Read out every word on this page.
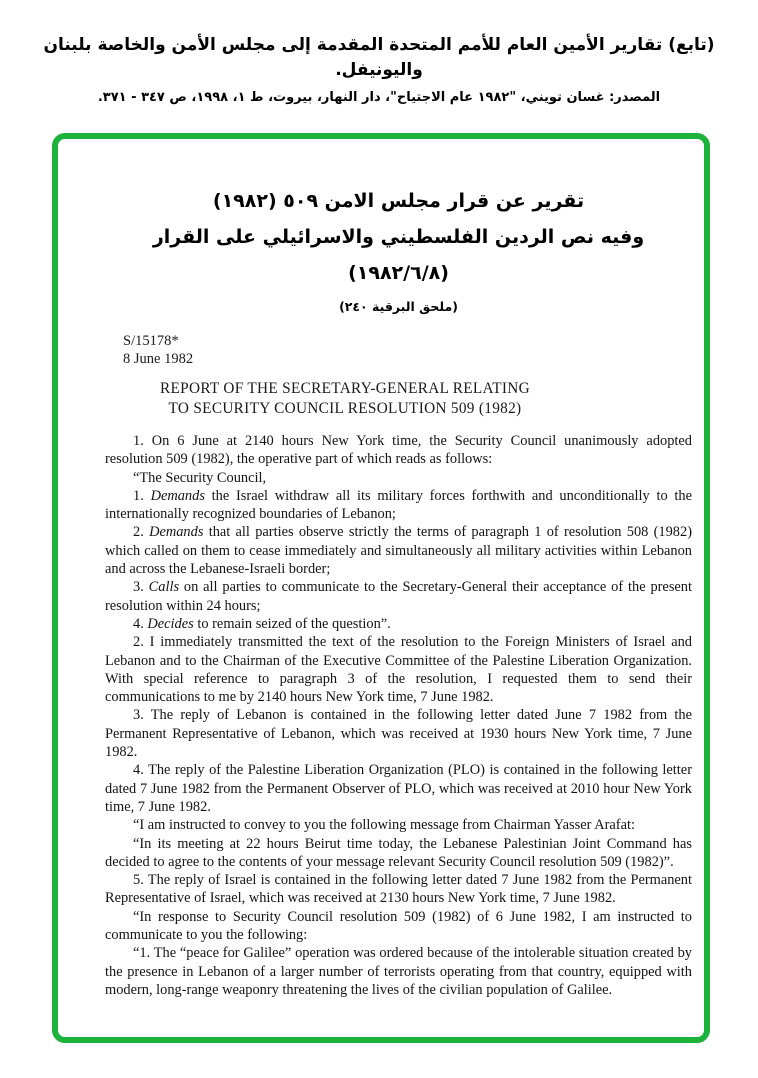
(تابع) تقارير الأمين العام للأمم المتحدة المقدمة إلى مجلس الأمن والخاصة بلبنان واليونيفل.
المصدر: غسان تويني، "١٩٨٢ عام الاجتياح"، دار النهار، بيروت، ط ١، ١٩٩٨، ص ٣٤٧ - ٣٧١.
تقرير عن قرار مجلس الامن ٥٠٩ (١٩٨٢)
وفيه نص الردين الفلسطيني والاسرائيلي على القرار
(١٩٨٢/٦/٨)
(ملحق البرقية ٢٤٠)
S/15178*
8 June 1982
REPORT OF THE SECRETARY-GENERAL RELATING
TO SECURITY COUNCIL RESOLUTION 509 (1982)

1. On 6 June at 2140 hours New York time, the Security Council unanimously adopted resolution 509 (1982), the operative part of which reads as follows:

“The Security Council,

1. Demands the Israel withdraw all its military forces forthwith and unconditionally to the internationally recognized boundaries of Lebanon;

2. Demands that all parties observe strictly the terms of paragraph 1 of resolution 508 (1982) which called on them to cease immediately and simultaneously all military activities within Lebanon and across the Lebanese-Israeli border;

3. Calls on all parties to communicate to the Secretary-General their acceptance of the present resolution within 24 hours;

4. Decides to remain seized of the question”.

2. I immediately transmitted the text of the resolution to the Foreign Ministers of Israel and Lebanon and to the Chairman of the Executive Committee of the Palestine Liberation Organization. With special reference to paragraph 3 of the resolution, I requested them to send their communications to me by 2140 hours New York time, 7 June 1982.

3. The reply of Lebanon is contained in the following letter dated June 7 1982 from the Permanent Representative of Lebanon, which was received at 1930 hours New York time, 7 June 1982.

4. The reply of the Palestine Liberation Organization (PLO) is contained in the following letter dated 7 June 1982 from the Permanent Observer of PLO, which was received at 2010 hour New York time, 7 June 1982.

“I am instructed to convey to you the following message from Chairman Yasser Arafat:

“In its meeting at 22 hours Beirut time today, the Lebanese Palestinian Joint Command has decided to agree to the contents of your message relevant Security Council resolution 509 (1982)”.

5. The reply of Israel is contained in the following letter dated 7 June 1982 from the Permanent Representative of Israel, which was received at 2130 hours New York time, 7 June 1982.

“In response to Security Council resolution 509 (1982) of 6 June 1982, I am instructed to communicate to you the following:

“1. The “peace for Galilee” operation was ordered because of the intolerable situation created by the presence in Lebanon of a larger number of terrorists operating from that country, equipped with modern, long-range weaponry threatening the lives of the civilian population of Galilee.
